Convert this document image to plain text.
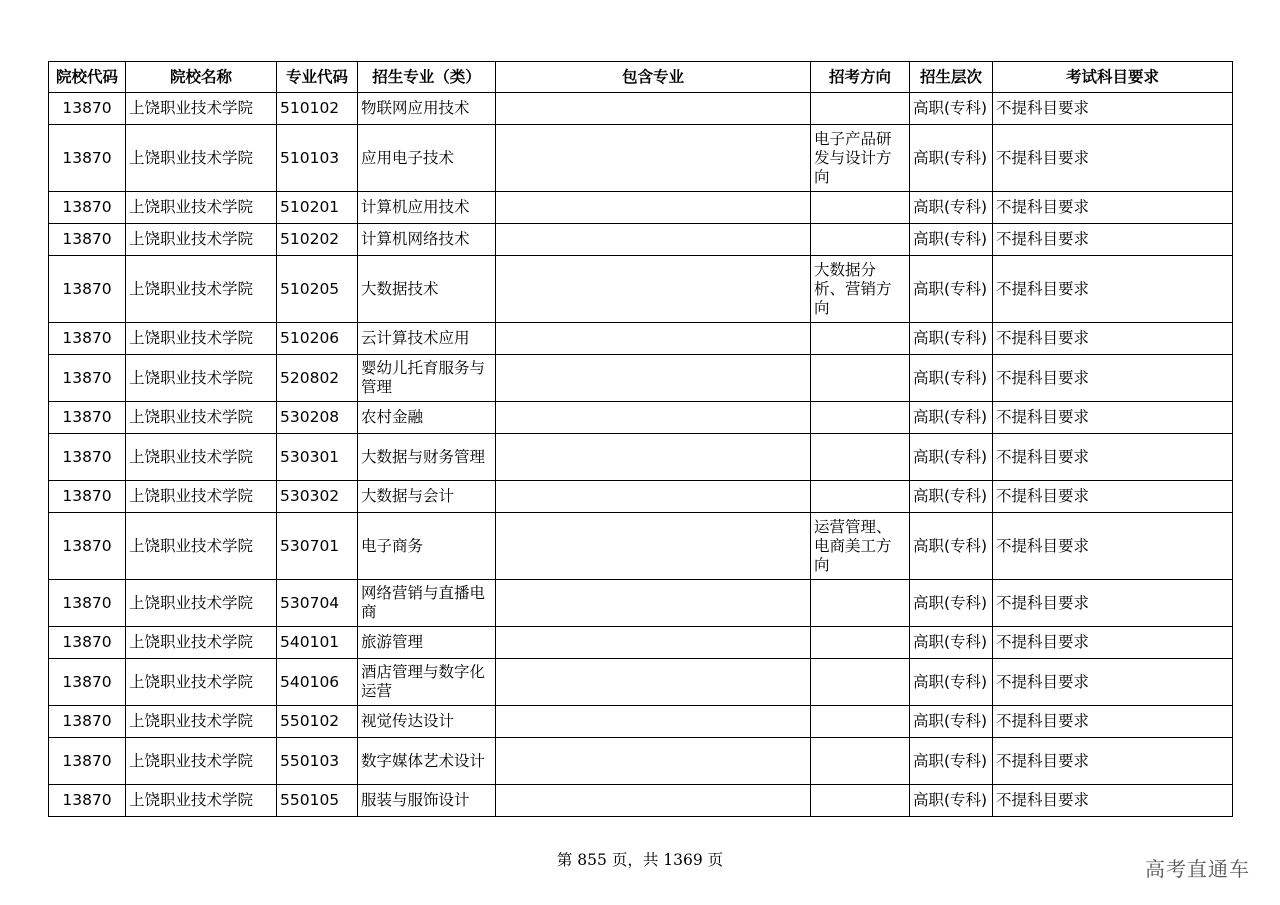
院校代码	院校名称	专业代码	招生专业（类）	包含专业	招考方向	招生层次	考试科目要求
13870	上饶职业技术学院	510102	物联网应用技术			高职(专科)	不提科目要求
13870	上饶职业技术学院	510103	应用电子技术		电子产品研发与设计方向	高职(专科)	不提科目要求
13870	上饶职业技术学院	510201	计算机应用技术			高职(专科)	不提科目要求
13870	上饶职业技术学院	510202	计算机网络技术			高职(专科)	不提科目要求
13870	上饶职业技术学院	510205	大数据技术		大数据分析、营销方向	高职(专科)	不提科目要求
13870	上饶职业技术学院	510206	云计算技术应用			高职(专科)	不提科目要求
13870	上饶职业技术学院	520802	婴幼儿托育服务与管理			高职(专科)	不提科目要求
13870	上饶职业技术学院	530208	农村金融			高职(专科)	不提科目要求
13870	上饶职业技术学院	530301	大数据与财务管理			高职(专科)	不提科目要求
13870	上饶职业技术学院	530302	大数据与会计			高职(专科)	不提科目要求
13870	上饶职业技术学院	530701	电子商务		运营管理、电商美工方向	高职(专科)	不提科目要求
13870	上饶职业技术学院	530704	网络营销与直播电商			高职(专科)	不提科目要求
13870	上饶职业技术学院	540101	旅游管理			高职(专科)	不提科目要求
13870	上饶职业技术学院	540106	酒店管理与数字化运营			高职(专科)	不提科目要求
13870	上饶职业技术学院	550102	视觉传达设计			高职(专科)	不提科目要求
13870	上饶职业技术学院	550103	数字媒体艺术设计			高职(专科)	不提科目要求
13870	上饶职业技术学院	550105	服装与服饰设计			高职(专科)	不提科目要求
第 855 页，共 1369 页	高考直通车
